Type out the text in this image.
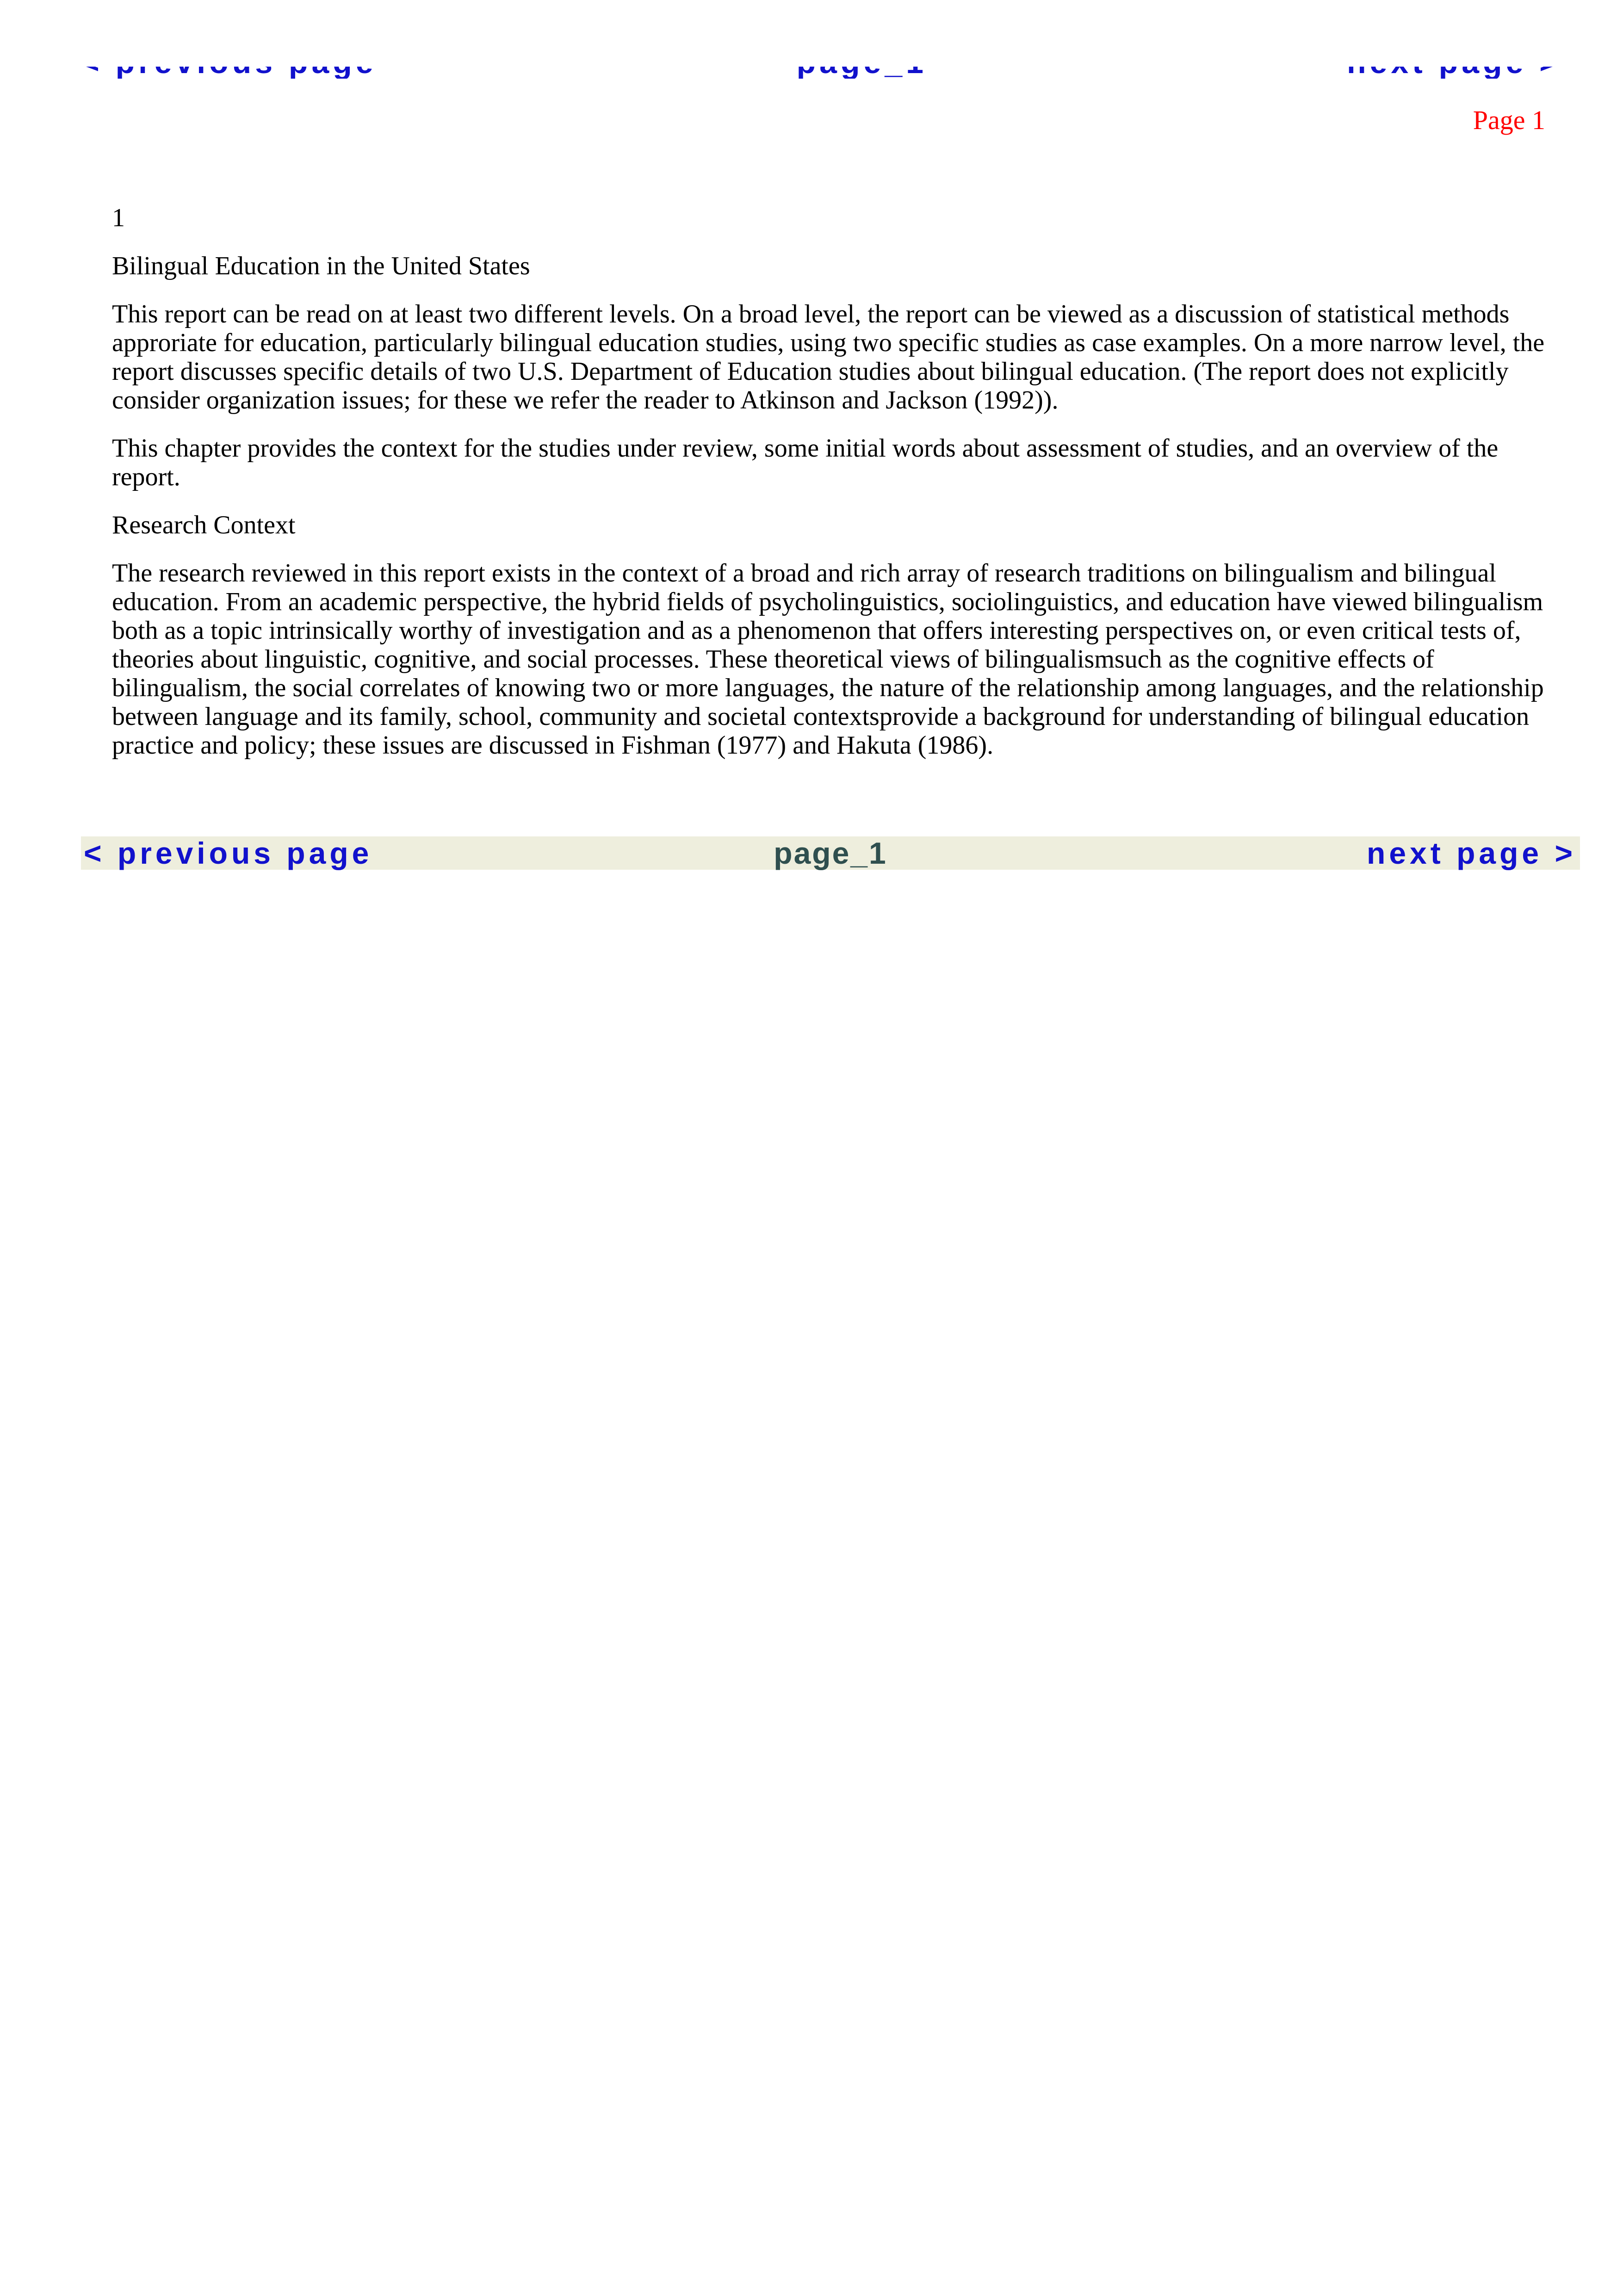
Page 1

1

Bilingual Education in the United States

This report can be read on at least two different levels. On a broad level, the report can be viewed as a discussion of statistical methods approriate for education, particularly bilingual education studies, using two specific studies as case examples. On a more narrow level, the report discusses specific details of two U.S. Department of Education studies about bilingual education. (The report does not explicitly consider organization issues; for these we refer the reader to Atkinson and Jackson (1992)).

This chapter provides the context for the studies under review, some initial words about assessment of studies, and an overview of the report.

Research Context

The research reviewed in this report exists in the context of a broad and rich array of research traditions on bilingualism and bilingual education. From an academic perspective, the hybrid fields of psycholinguistics, sociolinguistics, and education have viewed bilingualism both as a topic intrinsically worthy of investigation and as a phenomenon that offers interesting perspectives on, or even critical tests of, theories about linguistic, cognitive, and social processes. These theoretical views of bilingualismsuch as the cognitive effects of bilingualism, the social correlates of knowing two or more languages, the nature of the relationship among languages, and the relationship between language and its family, school, community and societal contextsprovide a background for understanding of bilingual education practice and policy; these issues are discussed in Fishman (1977) and Hakuta (1986).

page_1
< previous page	next page >
